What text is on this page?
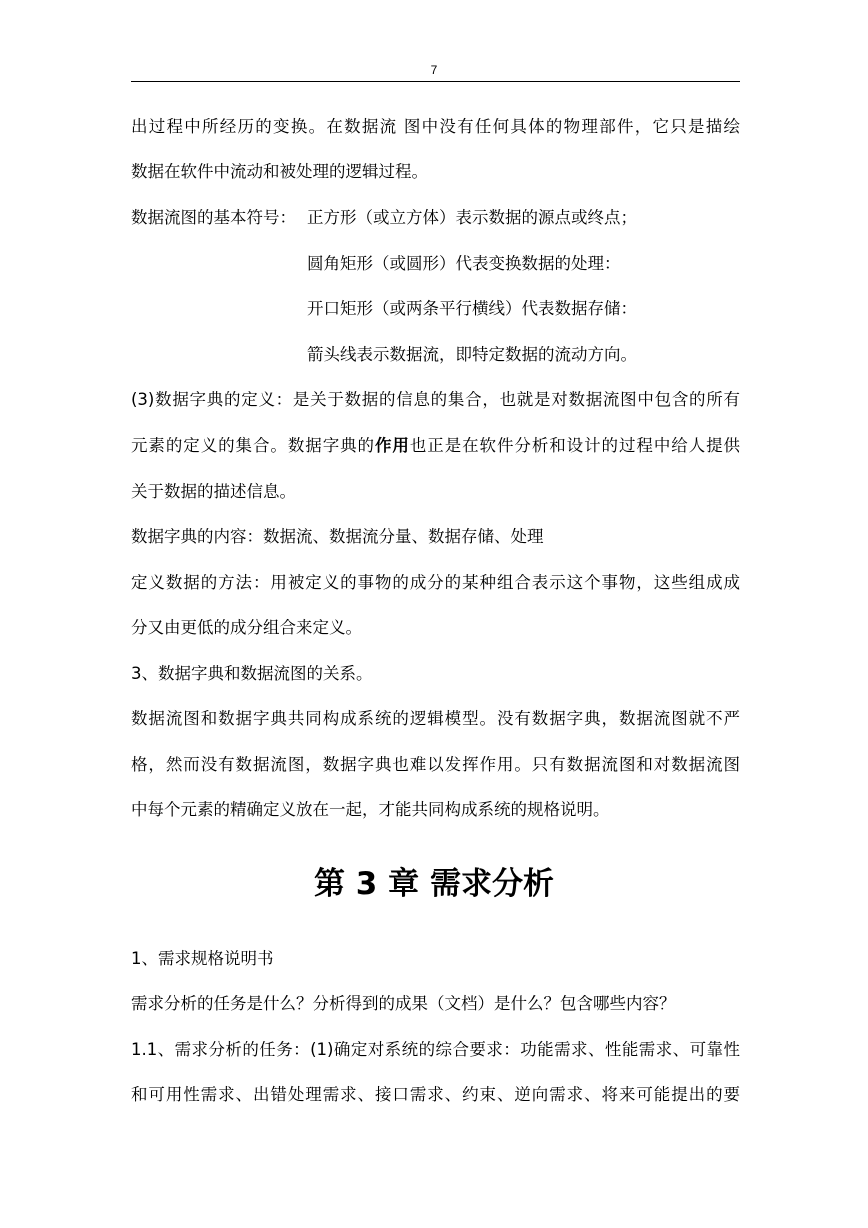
7
出过程中所经历的变换。在数据流 图中没有任何具体的物理部件，它只是描绘
数据在软件中流动和被处理的逻辑过程。
数据流图的基本符号： 正方形（或立方体）表示数据的源点或终点；
圆角矩形（或圆形）代表变换数据的处理：
开口矩形（或两条平行横线）代表数据存储：
箭头线表示数据流，即特定数据的流动方向。
(3)数据字典的定义：是关于数据的信息的集合，也就是对数据流图中包含的所有
元素的定义的集合。数据字典的作用也正是在软件分析和设计的过程中给人提供
关于数据的描述信息。
数据字典的内容：数据流、数据流分量、数据存储、处理
定义数据的方法：用被定义的事物的成分的某种组合表示这个事物，这些组成成
分又由更低的成分组合来定义。
3、数据字典和数据流图的关系。
数据流图和数据字典共同构成系统的逻辑模型。没有数据字典，数据流图就不严
格，然而没有数据流图，数据字典也难以发挥作用。只有数据流图和对数据流图
中每个元素的精确定义放在一起，才能共同构成系统的规格说明。
第 3 章 需求分析
1、需求规格说明书
需求分析的任务是什么？分析得到的成果（文档）是什么？包含哪些内容？
1.1、需求分析的任务：(1)确定对系统的综合要求：功能需求、性能需求、可靠性
和可用性需求、出错处理需求、接口需求、约束、逆向需求、将来可能提出的要
